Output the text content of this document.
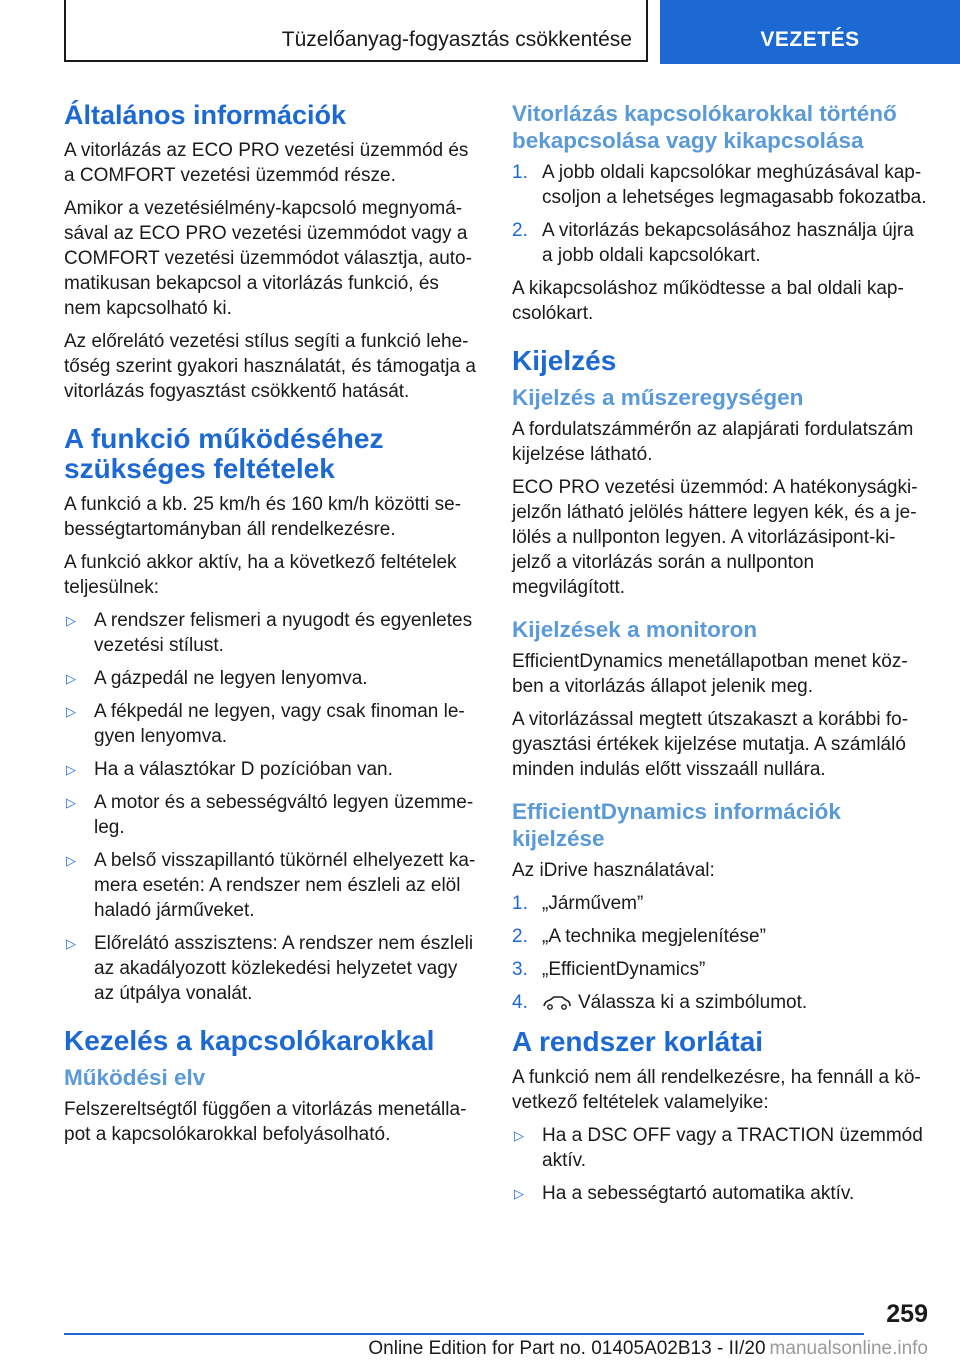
Tüzelőanyag-fogyasztás csökkentése	VEZETÉS
Általános információk

A vitorlázás az ECO PRO vezetési üzemmód és a COMFORT vezetési üzemmód része.

Amikor a vezetésiélmény-kapcsoló megnyomásával az ECO PRO vezetési üzemmódot vagy a COMFORT vezetési üzemmódot választja, automatikusan bekapcsol a vitorlázás funkció, és nem kapcsolható ki.

Az előrelátó vezetési stílus segíti a funkció lehetőség szerint gyakori használatát, és támogatja a vitorlázás fogyasztást csökkentő hatását.

A funkció működéséhez szükséges feltételek

A funkció a kb. 25 km/h és 160 km/h közötti sebességtartományban áll rendelkezésre.

A funkció akkor aktív, ha a következő feltételek teljesülnek:

▷ A rendszer felismeri a nyugodt és egyenletes vezetési stílust.
▷ A gázpedál ne legyen lenyomva.
▷ A fékpedál ne legyen, vagy csak finoman legyen lenyomva.
▷ Ha a választókar D pozícióban van.
▷ A motor és a sebességváltó legyen üzemmeleg.
▷ A belső visszapillantó tükörnél elhelyezett kamera esetén: A rendszer nem észleli az elöl haladó járműveket.
▷ Előrelátó asszisztens: A rendszer nem észleli az akadályozott közlekedési helyzetet vagy az útpálya vonalát.
Kezelés a kapcsolókarokkal
Működési elv

Felszereltségtől függően a vitorlázás menetállapot a kapcsolókarokkal befolyásolható.

Vitorlázás kapcsolókarokkal történő bekapcsolása vagy kikapcsolása
1. A jobb oldali kapcsolókar meghúzásával kapcsoljon a lehetséges legmagasabb fokozatba.
2. A vitorlázás bekapcsolásához használja újra a jobb oldali kapcsolókart.

A kikapcsoláshoz működtesse a bal oldali kapcsolókart.

Kijelzés
Kijelzés a műszeregységen

A fordulatszámmérőn az alapjárati fordulatszám kijelzése látható.

ECO PRO vezetési üzemmód: A hatékonyságkijelzőn látható jelölés háttere legyen kék, és a jelölés a nullponton legyen. A vitorlázásipont-kijelző a vitorlázás során a nullponton megvilágított.

Kijelzések a monitoron

EfficientDynamics menetállapotban menet közben a vitorlázás állapot jelenik meg.

A vitorlázással megtett útszakaszt a korábbi fogyasztási értékek kijelzése mutatja. A számláló minden indulás előtt visszaáll nullára.

EfficientDynamics információk kijelzése

Az iDrive használatával:

1. „Járművem”
2. „A technika megjelenítése”
3. „EfficientDynamics”
4.	Válassza ki a szimbólumot.
A rendszer korlátai

A funkció nem áll rendelkezésre, ha fennáll a következő feltételek valamelyike:

▷ Ha a DSC OFF vagy a TRACTION üzemmód aktív.
▷ Ha a sebességtartó automatika aktív.
259
Online Edition for Part no. 01405A02B13 - II/20 manualsonline.info
